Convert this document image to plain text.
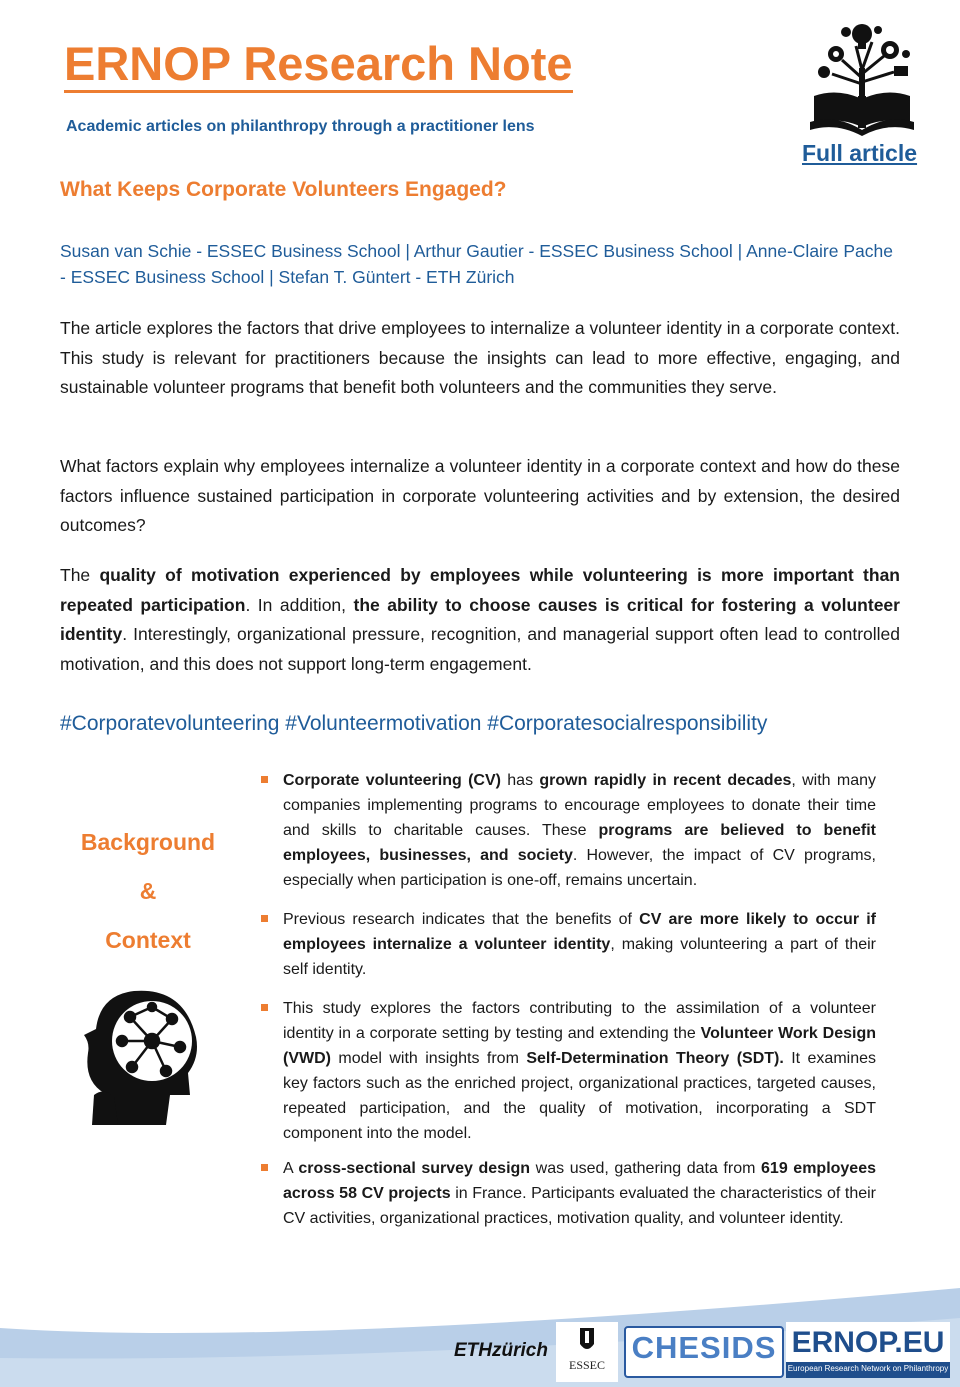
ERNOP Research Note
Academic articles on philanthropy through a practitioner lens
Full article
What Keeps Corporate Volunteers Engaged?
Susan van Schie - ESSEC Business School | Arthur Gautier - ESSEC Business School | Anne-Claire Pache - ESSEC Business School | Stefan T. Güntert - ETH Zürich

The article explores the factors that drive employees to internalize a volunteer identity in a corporate context. This study is relevant for practitioners because the insights can lead to more effective, engaging, and sustainable volunteer programs that benefit both volunteers and the communities they serve.

What factors explain why employees internalize a volunteer identity in a corporate context and how do these factors influence sustained participation in corporate volunteering activities and by extension, the desired outcomes?

The quality of motivation experienced by employees while volunteering is more important than repeated participation. In addition, the ability to choose causes is critical for fostering a volunteer identity. Interestingly, organizational pressure, recognition, and managerial support often lead to controlled motivation, and this does not support long-term engagement.

#Corporatevolunteering #Volunteermotivation #Corporatesocialresponsibility
Background
&
Context
Corporate volunteering (CV) has grown rapidly in recent decades, with many companies implementing programs to encourage employees to donate their time and skills to charitable causes. These programs are believed to benefit employees, businesses, and society. However, the impact of CV programs, especially when participation is one-off, remains uncertain.
Previous research indicates that the benefits of CV are more likely to occur if employees internalize a volunteer identity, making volunteering a part of their self identity.
This study explores the factors contributing to the assimilation of a volunteer identity in a corporate setting by testing and extending the Volunteer Work Design (VWD) model with insights from Self-Determination Theory (SDT). It examines key factors such as the enriched project, organizational practices, targeted causes, repeated participation, and the quality of motivation, incorporating a SDT component into the model.
A cross-sectional survey design was used, gathering data from 619 employees across 58 CV projects in France. Participants evaluated the characteristics of their CV activities, organizational practices, motivation quality, and volunteer identity.
ETHzürich
ESSEC CHESIDS ERNOP.EU
European Research Network on Philanthropy
